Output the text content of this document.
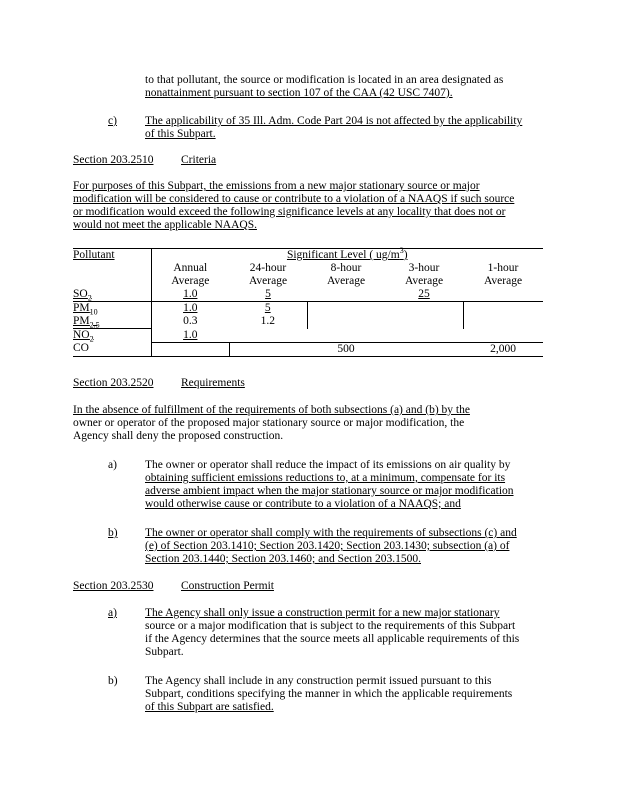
to that pollutant, the source or modification is located in an area designated as
nonattainment pursuant to section 107 of the CAA (42 USC 7407).
c) The applicability of 35 Ill. Adm. Code Part 204 is not affected by the applicability
of this Subpart.
Section 203.2510 Criteria
For purposes of this Subpart, the emissions from a new major stationary source or major
modification will be considered to cause or contribute to a violation of a NAAQS if such source
or modification would exceed the following significance levels at any locality that does not or
would not meet the applicable NAAQS.
Pollutant	Significant Level ( $ug/m^3$)				
	Annual	24-hour	8-hour	3-hour	1-hour
	Average	Average	Average	Average	Average
$SO_2$	1.0	5		25	
$PM_{10}$	1.0	5			
$PM_{2.5}$	0.3	1.2			
$NO_2$	1.0				
CO			500		2,000
Section 203.2520 Requirements
In the absence of fulfillment of the requirements of both subsections (a) and (b) by the
owner or operator of the proposed major stationary source or major modification, the
Agency shall deny the proposed construction.
a) The owner or operator shall reduce the impact of its emissions on air quality by
obtaining sufficient emissions reductions to, at a minimum, compensate for its
adverse ambient impact when the major stationary source or major modification
would otherwise cause or contribute to a violation of a NAAQS; and
b) The owner or operator shall comply with the requirements of subsections (c) and
(e) of Section 203.1410; Section 203.1420; Section 203.1430; subsection (a) of
Section 203.1440; Section 203.1460; and Section 203.1500.
Section 203.2530 Construction Permit
a) The Agency shall only issue a construction permit for a new major stationary
source or a major modification that is subject to the requirements of this Subpart
if the Agency determines that the source meets all applicable requirements of this
Subpart.
b) The Agency shall include in any construction permit issued pursuant to this
Subpart, conditions specifying the manner in which the applicable requirements
of this Subpart are satisfied.
